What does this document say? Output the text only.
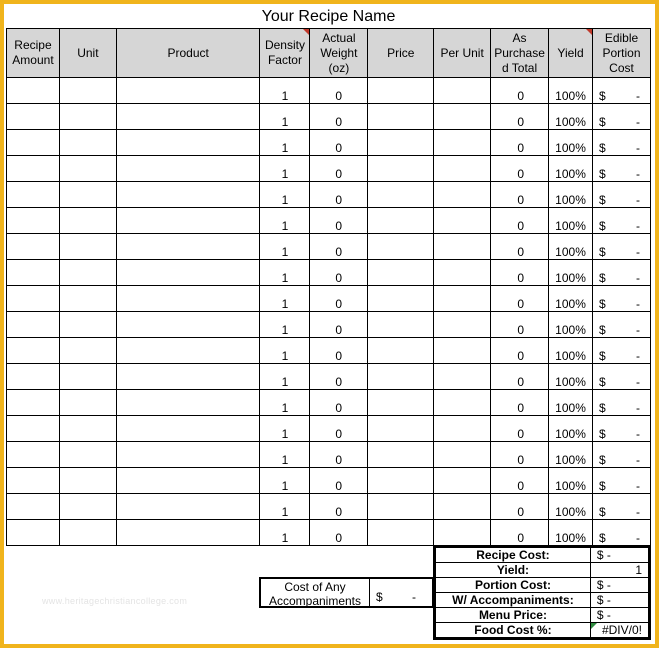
Your Recipe Name
Recipe Amount	Unit	Product	Density Factor	Actual Weight (oz)	Price	Per Unit	As Purchase d Total	Yield	Edible Portion Cost
			1	0			0	100%	$ -

			1	0			0	100%	$ -

			1	0			0	100%	$ -

			1	0			0	100%	$ -

			1	0			0	100%	$ -

			1	0			0	100%	$ -

			1	0			0	100%	$ -

			1	0			0	100%	$ -

			1	0			0	100%	$ -

			1	0			0	100%	$ -

			1	0			0	100%	$ -

			1	0			0	100%	$ -

			1	0			0	100%	$ -

			1	0			0	100%	$ -

			1	0			0	100%	$ -

			1	0			0	100%	$ -

			1	0			0	100%	$ -

			1	0			0	100%	$ -
Cost of Any Accompaniments	$ -
Recipe Cost:	$ -

Yield:	1
Portion Cost:	$ -

W/ Accompaniments:	$ -

Menu Price:	$ -

Food Cost %:	#DIV/0!
www.heritagechristiancollege.com
